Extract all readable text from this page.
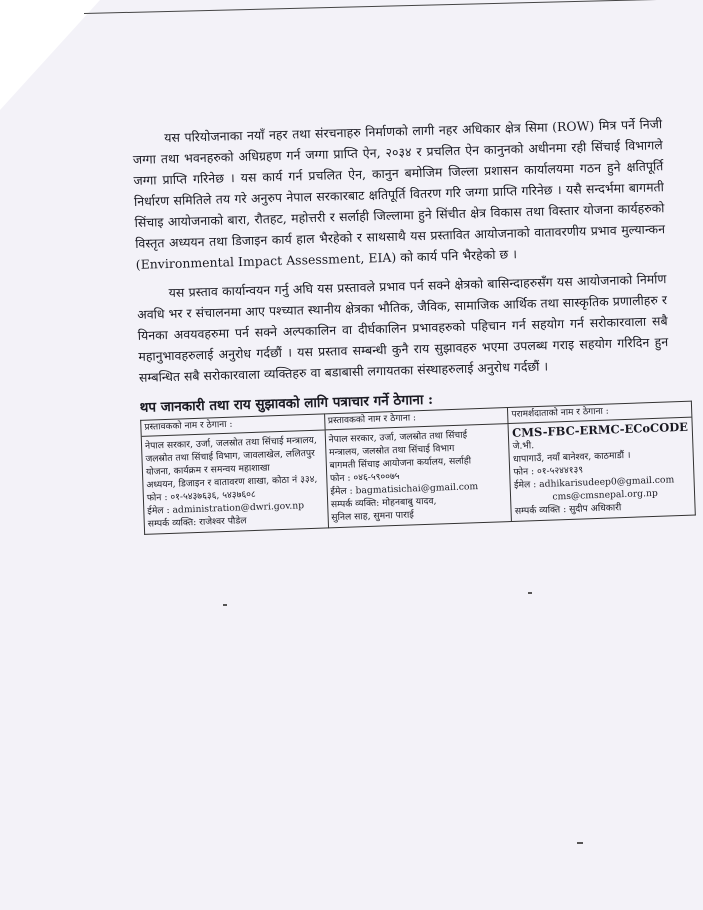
यस परियोजनाका नयाँ नहर तथा संरचनाहरु निर्माणको लागी नहर अधिकार क्षेत्र सिमा (ROW) मित्र पर्ने निजी जग्गा तथा भवनहरुको अधिग्रहण गर्न जग्गा प्राप्ति ऐन, २०३४ र प्रचलित ऐन कानुनको अधीनमा रही सिंचाई विभागले जग्गा प्राप्ति गरिनेछ । यस कार्य गर्न प्रचलित ऐन, कानुन बमोजिम जिल्ला प्रशासन कार्यालयमा गठन हुने क्षतिपूर्ति निर्धारण समितिले तय गरे अनुरुप नेपाल सरकारबाट क्षतिपूर्ति वितरण गरि जग्गा प्राप्ति गरिनेछ । यसै सन्दर्भमा बागमती सिंचाइ आयोजनाको बारा, रौतहट, महोत्तरी र सर्लाही जिल्लामा हुने सिंचीत क्षेत्र विकास तथा विस्तार योजना कार्यहरुको विस्तृत अध्ययन तथा डिजाइन कार्य हाल भैरहेको र साथसाथै यस प्रस्तावित आयोजनाको वातावरणीय प्रभाव मुल्यान्कन (Environmental Impact Assessment, EIA) को कार्य पनि भैरहेको छ ।

यस प्रस्ताव कार्यान्वयन गर्नु अघि यस प्रस्तावले प्रभाव पर्न सक्ने क्षेत्रको बासिन्दाहरुसँग यस आयोजनाको निर्माण अवधि भर र संचालनमा आए पश्च्यात स्थानीय क्षेत्रका भौतिक, जैविक, सामाजिक आर्थिक तथा सास्कृतिक प्रणालीहरु र यिनका अवयवहरुमा पर्न सक्ने अल्पकालिन वा दीर्घकालिन प्रभावहरुको पहिचान गर्न सहयोग गर्न सरोकारवाला सबै महानुभावहरुलाई अनुरोध गर्दछौं । यस प्रस्ताव सम्बन्धी कुनै राय सुझावहरु भएमा उपलब्ध गराइ सहयोग गरिदिन हुन सम्बन्धित सबै सरोकारवाला व्यक्तिहरु वा बडाबासी लगायतका संस्थाहरुलाई अनुरोध गर्दछौं ।

थप जानकारी तथा राय सुझावको लागि पत्राचार गर्ने ठेगाना :
प्रस्तावकको नाम र ठेगाना :
नेपाल सरकार, उर्जा, जलस्रोत तथा सिंचाई मन्त्रालय,
जलस्रोत तथा सिंचाई विभाग, जावलाखेल, ललितपुर
योजना, कार्यक्रम र समन्वय महाशाखा
अध्ययन, डिजाइन र वातावरण शाखा, कोठा नं ३३४,
फोन : ०१-५४३७६३६, ५४३७६०८
ईमेल : administration@dwri.gov.np
सम्पर्क व्यक्ति: राजेश्वर पौडेल

प्रस्तावकको नाम र ठेगाना :
नेपाल सरकार, उर्जा, जलस्रोत तथा सिंचाई
मन्त्रालय, जलस्रोत तथा सिंचाई विभाग
बागमती सिंचाइ आयोजना कर्यालय, सर्लाही
फोन : ०४६-५९००७५
ईमेल : bagmatisichai@gmail.com
सम्पर्क व्यक्ति: मोहनबाबु यादव,
सुनिल साह, सुमना पाराई

परामर्शदाताको नाम र ठेगाना :
CMS-FBC-ERMC-ECoCODE
जे.भी.
धापागाउँ, नयाँ बानेश्वर, काठमाडौं ।
फोन : ०१-५२४४१३९
ईमेल : adhikarisudeep0@gmail.com
cms@cmsnepal.org.np
सम्पर्क व्यक्ति : सुदीप अधिकारी
